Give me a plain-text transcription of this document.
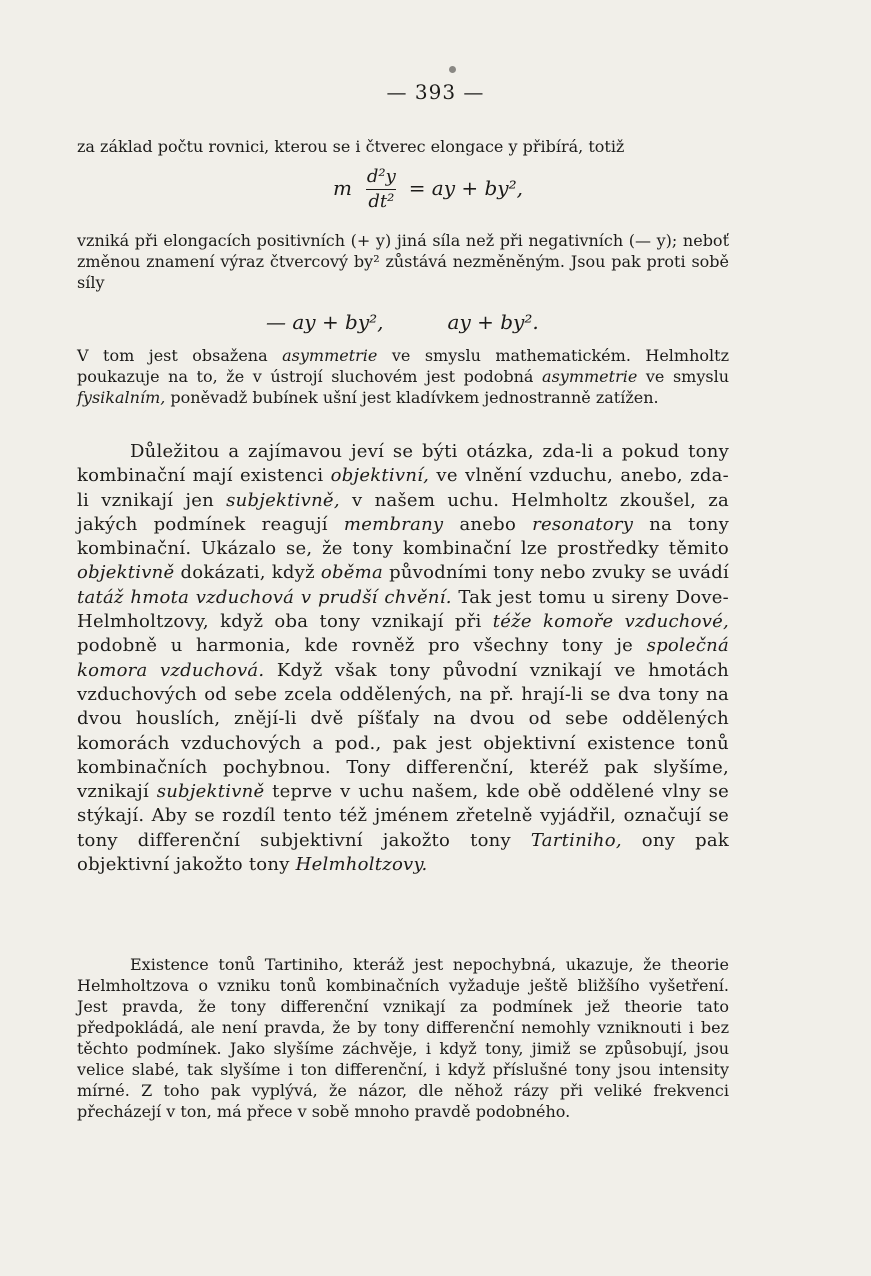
— 393 —

za základ počtu rovnici, kterou se i čtverec elongace y přibírá, totiž

m $\frac{\text{d²y}}{\text{dt²}}$ = ay + by²,

vzniká při elongacích positivních (+ y) jiná síla než při negativních (— y); neboť změnou znamení výraz čtvercový by² zůstává nezměněným. Jsou pak proti sobě síly

— ay + by²,	ay + by².

V tom jest obsažena asymmetrie ve smyslu mathematickém. Helmholtz poukazuje na to, že v ústrojí sluchovém jest podobná asymmetrie ve smyslu fysikalním, poněvadž bubínek ušní jest kladívkem jednostranně zatížen.

Důležitou a zajímavou jeví se býti otázka, zda-li a pokud tony kombinační mají existenci objektivní, ve vlnění vzduchu, anebo, zda-li vznikají jen subjektivně, v našem uchu. Helmholtz zkoušel, za jakých podmínek reagují membrany anebo resonatory na tony kombinační. Ukázalo se, že tony kombinační lze prostředky těmito objektivně dokázati, když oběma původními tony nebo zvuky se uvádí tatáž hmota vzduchová v prudší chvění. Tak jest tomu u sireny Dove-Helmholtzovy, když oba tony vznikají při téže komoře vzduchové, podobně u harmonia, kde rovněž pro všechny tony je společná komora vzduchová. Když však tony původní vznikají ve hmotách vzduchových od sebe zcela oddělených, na př. hrají-li se dva tony na dvou houslích, znějí-li dvě píšťaly na dvou od sebe oddělených komorách vzduchových a pod., pak jest objektivní existence tonů kombinačních pochybnou. Tony differenční, kteréž pak slyšíme, vznikají subjektivně teprve v uchu našem, kde obě oddělené vlny se stýkají. Aby se rozdíl tento též jménem zřetelně vyjádřil, označují se tony differenční subjektivní jakožto tony Tartiniho, ony pak objektivní jakožto tony Helmholtzovy.

Existence tonů Tartiniho, kteráž jest nepochybná, ukazuje, že theorie Helmholtzova o vzniku tonů kombinačních vyžaduje ještě bližšího vyšetření. Jest pravda, že tony differenční vznikají za podmínek jež theorie tato předpokládá, ale není pravda, že by tony differenční nemohly vzniknouti i bez těchto podmínek. Jako slyšíme záchvěje, i když tony, jimiž se způsobují, jsou velice slabé, tak slyšíme i ton differenční, i když příslušné tony jsou intensity mírné. Z toho pak vyplývá, že názor, dle něhož rázy při veliké frekvenci přecházejí v ton, má přece v sobě mnoho pravdě podobného.
